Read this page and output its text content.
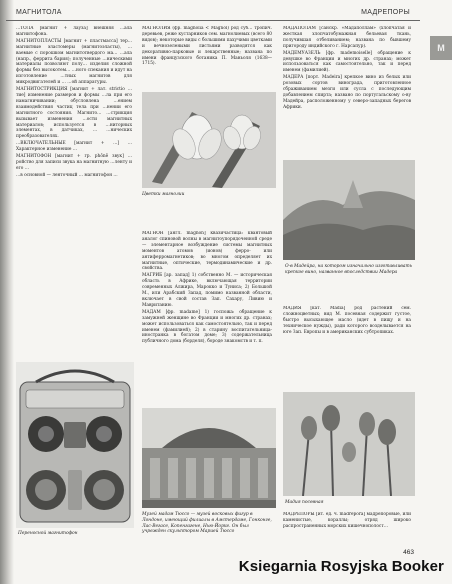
МАГНИТОЛА	МАДРЕПОРЫ
М

…ТОЛА [магнит + лауза] внешняя …ала магнитофона.

МАГНИТОПЛАСТЫ [магнит + пластмасса] тер… магнитные эластомеры (магнитоэласты), …ваемые с порошком магнитотвердого ма… …ала (напр., феррита бария); полученные …ническими материалы позволяют полу… изделия сложной формы без высокотем… …ного спекания и идут на изготовление …тных магнитов для микродвигателей и … …ой аппаратуры.

МАГНИТОСТРИКЦИЯ [магнит + лат. strictio …тие] изменение размеров и формы …ла при его намагничивании; обусловлена …ением взаимодействия частиц тела при …нении его магнитного состояния. Магнито… …стрикция вызывает изменения …ости магнитных материалов; используется в …ниторных элементах, в датчиках, … …нических преобразователях.

…ВКЛЮЧАТЕЛЬНЫЕ [магнит + …] … Характерное изменение …

МАГНИТОФОН [магнит + гр. phōnē звук] …ройство для записи звука на магнитную …ленту и его …

…в основной — ленточный … магнитофон …

Переносной магнитофон

МАГНОЛИЯ (фр. magnolia < Magnol) род суб… тропич. деревьев, реже кустарников сем. магнолиевых (всего 80 видов); некоторые виды с большими пахучими цветками и вечнозелеными листьями разводятся как декоративно-парковые и лекарственные; названа по имени французского ботаника П. Маньоля (1638—1715).

Цветки магнолии

МАГНОН [англ. magnon] квазичастица: квантовый аналог спиновой волны в магнитоупорядоченной среде — элементарное возбуждение системы магнитных моментов атомов (ионов) ферро- или антиферромагнетиков; во многом определяет их магнитные, оптические, термодинамические и др. свойства.

МАГРИБ [ар. запад] 1) собственно М. — историческая область в Африке, включающая территории современных Алжира, Марокко и Туниса; 2) Большой М., или Арабский Запад, помимо названной области, включает в свой состав Зап. Сахару, Ливию и Мавританию.

МАДАМ [фр. madame] 1) госпожа: обращение к замужней женщине во Франции и многих др. странах; может использоваться как самостоятельно, так и перед именем (фамилией); 2) в старину воспитательница-иностранка в богатом доме; 3) содержательница публичного дома (борделя), бороде знакомств и т. п.

Музей мадам Тюссо — музей восковых фигур в Лондоне, имеющий филиалы в Амстердаме, Гонконге, Лас-Вегасе, Копенгагене, Нью-Йорке. Он был учрежден скульптором Марией Тюссо

МАДАПОЛАМ [санскр. «Мадаполлам» (хлопчатая и жесткая хлопчатобумажная бельевая ткань, получившая отбеливанием; названа по бывшему пригороду индийского г. Нарсапур).

МАДЕМУАЗЕЛЬ [фр. mademoiselle] обращение к девушке во Франции и многих др. странах; может использоваться как самостоятельно, так и перед именем (фамилией).

МАДЕРА [порт. Madeira] крепкое вино из белых или розовых сортов винограда, приготовленное сбраживанием мезги или сусла с последующим добавлением спирта; названо по португальскому о-ву Мадейра, расположенному у северо-западных берегов Африки.

О-в Мадейра, на котором изначально изготавливать крепкое вино, названное впоследствии Мадера

МАДИЯ [кат. Madia] род растений сем. сложноцветных; вид М. посевная содержит густое, быстро высыхающее масло (идет в пищу и на техническое нужды), ради которого возделывается на юге Зап. Европы и в американских субтропиках.

Мадия посевная

МАДРЕПОРЫ [ит. ед. ч. madrepora] мадрепоровые, или каменистые, кораллы; отряд широко распространенных морских кишечнополост…

463
Ksiegarnia Rosyjska Booker
